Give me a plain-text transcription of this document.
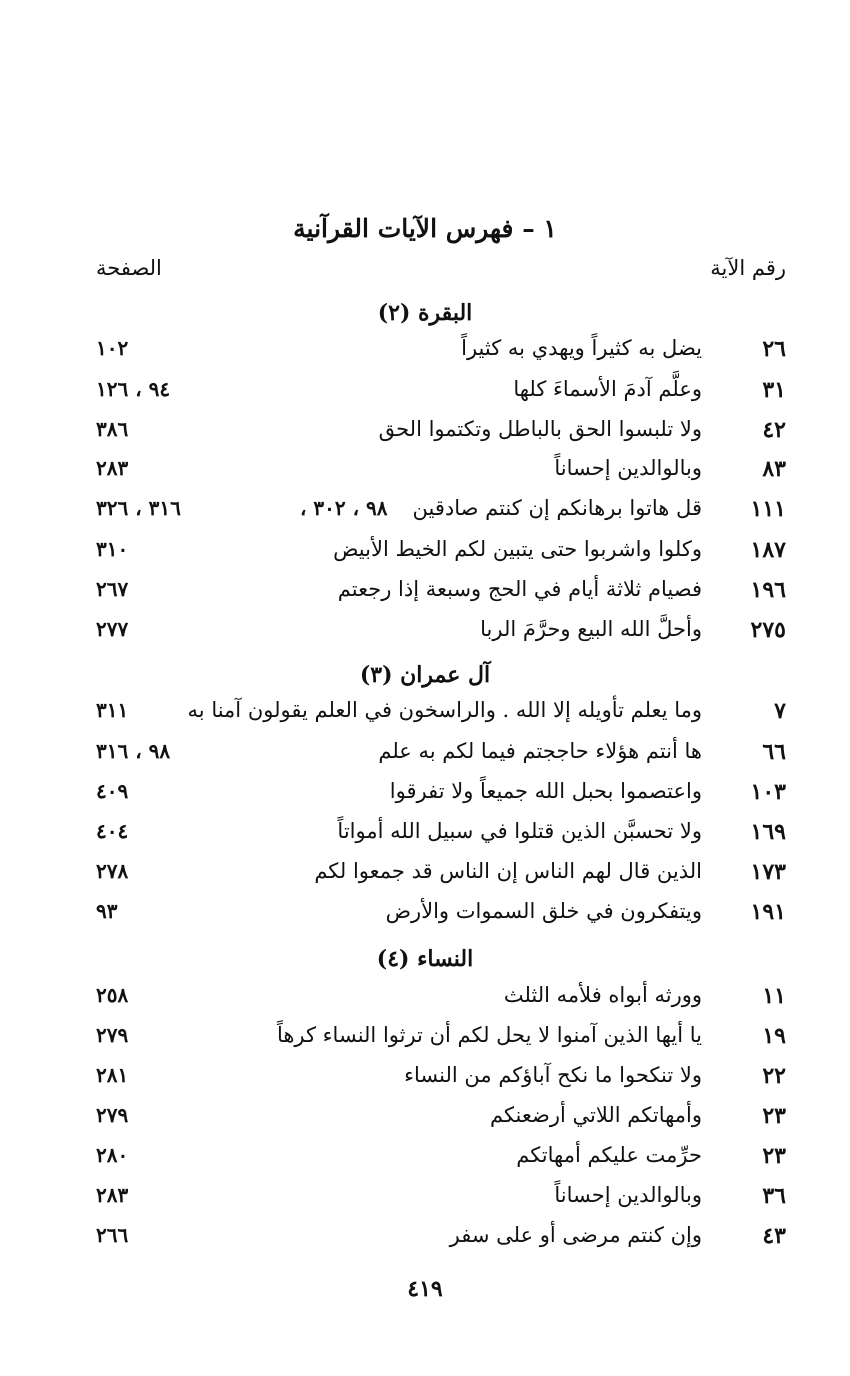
١ – فهرس الآيات القرآنية
رقم الآية
الصفحة
البقرة (٢)
٢٦
يضل به كثيراً ويهدي به كثيراً
١٠٢
٣١
وعلَّم آدمَ الأسماءَ كلها
٩٤ ، ١٢٦
٤٢
ولا تلبسوا الحق بالباطل وتكتموا الحق
٣٨٦
٨٣
وبالوالدين إحساناً
٢٨٣
١١١
قل هاتوا برهانكم إن كنتم صادقين
٩٨ ، ٣٠٢ ،
٣١٦ ، ٣٢٦
١٨٧
وكلوا واشربوا حتى يتبين لكم الخيط الأبيض
٣١٠
١٩٦
فصيام ثلاثة أيام في الحج وسبعة إذا رجعتم
٢٦٧
٢٧٥
وأحلَّ الله البيع وحرَّمَ الربا
٢٧٧
آل عمران (٣)
٧
وما يعلم تأويله إلا الله . والراسخون في العلم يقولون آمنا به
٣١١
٦٦
ها أنتم هؤلاء حاججتم فيما لكم به علم
٩٨ ، ٣١٦
١٠٣
واعتصموا بحبل الله جميعاً ولا تفرقوا
٤٠٩
١٦٩
ولا تحسبَّن الذين قتلوا في سبيل الله أمواتاً
٤٠٤
١٧٣
الذين قال لهم الناس إن الناس قد جمعوا لكم
٢٧٨
١٩١
ويتفكرون في خلق السموات والأرض
٩٣
النساء (٤)
١١
وورثه أبواه فلأمه الثلث
٢٥٨
١٩
يا أيها الذين آمنوا لا يحل لكم أن ترثوا النساء كرهاً
٢٧٩
٢٢
ولا تنكحوا ما نكح آباؤكم من النساء
٢٨١
٢٣
وأمهاتكم اللاتي أرضعنكم
٢٧٩
٢٣
حرِّمت عليكم أمهاتكم
٢٨٠
٣٦
وبالوالدين إحساناً
٢٨٣
٤٣
وإن كنتم مرضى أو على سفر
٢٦٦
٤١٩
